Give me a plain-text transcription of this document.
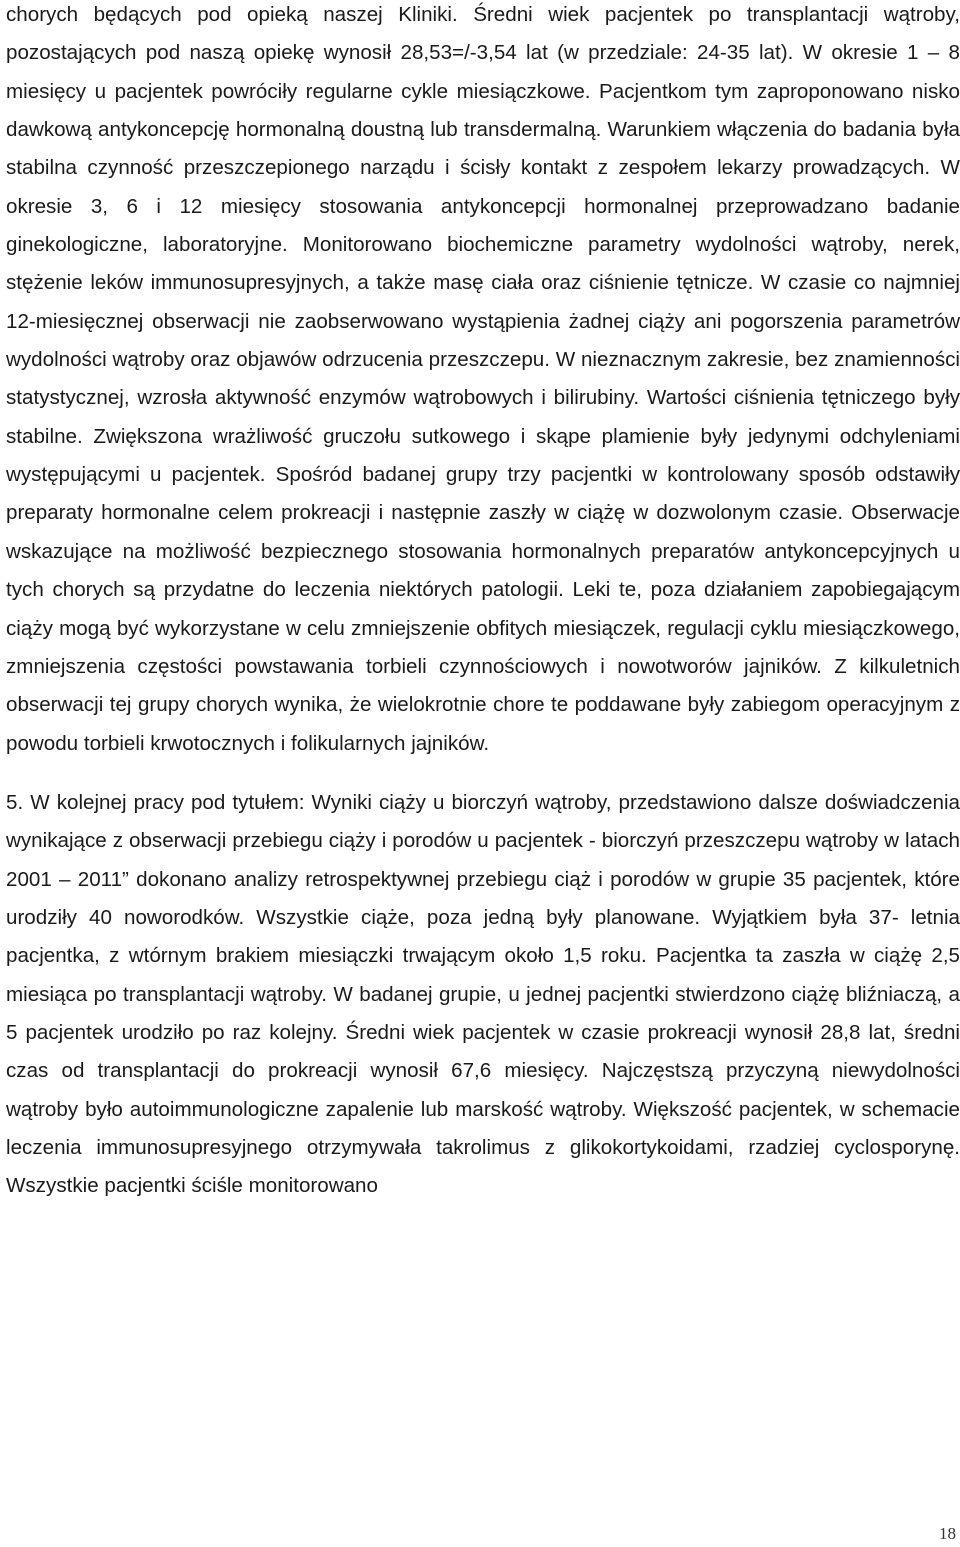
chorych będących pod opieką naszej Kliniki. Średni wiek pacjentek po transplantacji wątroby, pozostających pod naszą opiekę wynosił 28,53=/-3,54 lat (w przedziale: 24-35 lat). W okresie 1 – 8 miesięcy u pacjentek powróciły regularne cykle miesiączkowe. Pacjentkom tym zaproponowano nisko dawkową antykoncepcję hormonalną doustną lub transdermalną. Warunkiem włączenia do badania była stabilna czynność przeszczepionego narządu i ścisły kontakt z zespołem lekarzy prowadzących. W okresie 3, 6 i 12 miesięcy stosowania antykoncepcji hormonalnej przeprowadzano badanie ginekologiczne, laboratoryjne. Monitorowano biochemiczne parametry wydolności wątroby, nerek, stężenie leków immunosupresyjnych, a także masę ciała oraz ciśnienie tętnicze. W czasie co najmniej 12-miesięcznej obserwacji nie zaobserwowano wystąpienia żadnej ciąży ani pogorszenia parametrów wydolności wątroby oraz objawów odrzucenia przeszczepu. W nieznacznym zakresie, bez znamienności statystycznej, wzrosła aktywność enzymów wątrobowych i bilirubiny. Wartości ciśnienia tętniczego były stabilne. Zwiększona wrażliwość gruczołu sutkowego i skąpe plamienie były jedynymi odchyleniami występującymi u pacjentek. Spośród badanej grupy trzy pacjentki w kontrolowany sposób odstawiły preparaty hormonalne celem prokreacji i następnie zaszły w ciążę w dozwolonym czasie. Obserwacje wskazujące na możliwość bezpiecznego stosowania hormonalnych preparatów antykoncepcyjnych u tych chorych są przydatne do leczenia niektórych patologii. Leki te, poza działaniem zapobiegającym ciąży mogą być wykorzystane w celu zmniejszenie obfitych miesiączek, regulacji cyklu miesiączkowego, zmniejszenia częstości powstawania torbieli czynnościowych i nowotworów jajników. Z kilkuletnich obserwacji tej grupy chorych wynika, że wielokrotnie chore te poddawane były zabiegom operacyjnym z powodu torbieli krwotocznych i folikularnych jajników.

5. W kolejnej pracy pod tytułem: Wyniki ciąży u biorczyń wątroby, przedstawiono dalsze doświadczenia wynikające z obserwacji przebiegu ciąży i porodów u pacjentek - biorczyń przeszczepu wątroby w latach 2001 – 2011” dokonano analizy retrospektywnej przebiegu ciąż i porodów w grupie 35 pacjentek, które urodziły 40 noworodków. Wszystkie ciąże, poza jedną były planowane. Wyjątkiem była 37- letnia pacjentka, z wtórnym brakiem miesiączki trwającym około 1,5 roku. Pacjentka ta zaszła w ciążę 2,5 miesiąca po transplantacji wątroby. W badanej grupie, u jednej pacjentki stwierdzono ciążę bliźniaczą, a 5 pacjentek urodziło po raz kolejny. Średni wiek pacjentek w czasie prokreacji wynosił 28,8 lat, średni czas od transplantacji do prokreacji wynosił 67,6 miesięcy. Najczęstszą przyczyną niewydolności wątroby było autoimmunologiczne zapalenie lub marskość wątroby. Większość pacjentek, w schemacie leczenia immunosupresyjnego otrzymywała takrolimus z glikokortykoidami, rzadziej cyclosporynę. Wszystkie pacjentki ściśle monitorowano

18
